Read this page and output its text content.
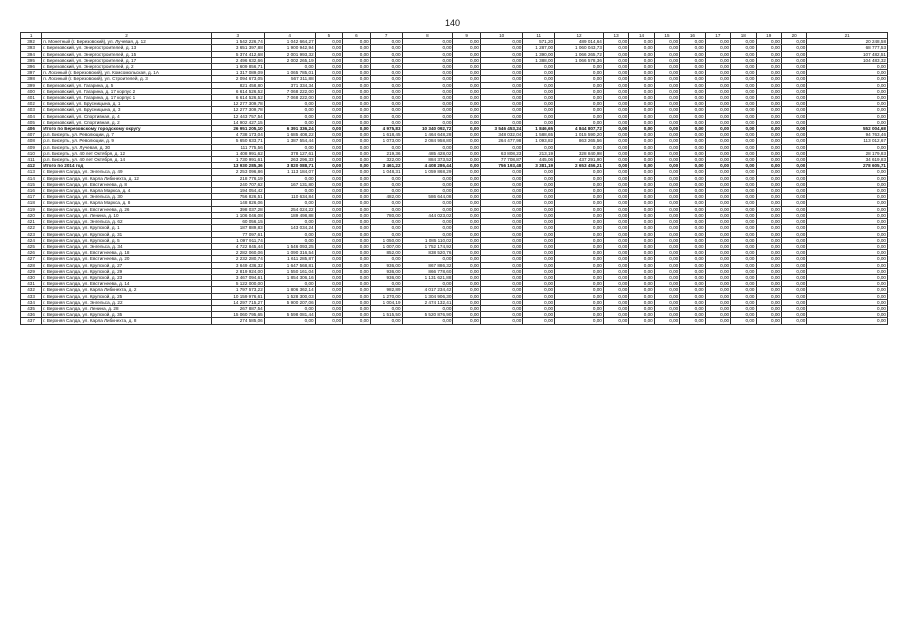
140
1	2	3	4	5	6	7	8	9	10	11	12	13	14	15	16	17	18	19	20	21
392	п. Монетный (г. Березовский), ул. Лучевая, д. 12	1 542 226,74	1 042 664,27	0,00	0,00	0,00	0,00	0,00	0,00	571,20	489 014,64	0,00	0,00	0,00	0,00	0,00	0,00	0,00	0,00	20 248,58
393	г. Березовский, ул. Энергостроителей, д. 13	3 651 397,88	1 900 942,94	0,00	0,00	0,00	0,00	0,00	0,00	1 287,00	1 060 043,73	0,00	0,00	0,00	0,00	0,00	0,00	0,00	0,00	68 777,53
394	г. Березовский, ул. Энергостроителей, д. 15	5 374 412,68	2 001 993,32	0,00	0,00	0,00	0,00	0,00	0,00	1 390,00	1 066 265,72	0,00	0,00	0,00	0,00	0,00	0,00	0,00	0,00	107 482,51
395	г. Березовский, ул. Энергостроителей, д. 17	2 496 632,66	2 002 265,19	0,00	0,00	0,00	0,00	0,00	0,00	1 388,00	1 066 578,36	0,00	0,00	0,00	0,00	0,00	0,00	0,00	0,00	104 483,32
396	г. Березовский, ул. Энергостроителей, д. 2	1 609 856,71	0,00	0,00	0,00	0,00	0,00	0,00	0,00	0,00	0,00	0,00	0,00	0,00	0,00	0,00	0,00	0,00	0,00	0,00
397	п. Лосиный (г. Березовский), ул. Комсомольская, д. 1А	1 317 089,09	1 065 785,01	0,00	0,00	0,00	0,00	0,00	0,00	0,00	0,00	0,00	0,00	0,00	0,00	0,00	0,00	0,00	0,00	0,00
398	п. Лосиный (г. Березовский), ул. Строителей, д. 3	2 094 673,05	567 311,88	0,00	0,00	0,00	0,00	0,00	0,00	0,00	0,00	0,00	0,00	0,00	0,00	0,00	0,00	0,00	0,00	0,00
399	г. Березовский, ул. Гагарина, д. 5	821 458,80	371 334,34	0,00	0,00	0,00	0,00	0,00	0,00	0,00	0,00	0,00	0,00	0,00	0,00	0,00	0,00	0,00	0,00	0,00
400	г. Березовский, ул. Гагарина, д. 17 корпус 2	6 614 526,52	7 068 222,00	0,00	0,00	0,00	0,00	0,00	0,00	0,00	0,00	0,00	0,00	0,00	0,00	0,00	0,00	0,00	0,00	0,00
401	г. Березовский, ул. Гагарина, д. 17 корпус 1	6 614 526,52	7 068 222,00	0,00	0,00	0,00	0,00	0,00	0,00	0,00	0,00	0,00	0,00	0,00	0,00	0,00	0,00	0,00	0,00	0,00
402	г. Березовский, ул. Брусницына, д. 1	12 277 309,78	0,00	0,00	0,00	0,00	0,00	0,00	0,00	0,00	0,00	0,00	0,00	0,00	0,00	0,00	0,00	0,00	0,00	0,00
403	г. Березовский, ул. Брусницына, д. 3	12 277 309,78	0,00	0,00	0,00	0,00	0,00	0,00	0,00	0,00	0,00	0,00	0,00	0,00	0,00	0,00	0,00	0,00	0,00	0,00
404	г. Березовский, ул. Спортивная, д. 4	12 443 757,54	0,00	0,00	0,00	0,00	0,00	0,00	0,00	0,00	0,00	0,00	0,00	0,00	0,00	0,00	0,00	0,00	0,00	0,00
405	г. Березовский, ул. Спортивная, д. 2	14 902 427,15	0,00	0,00	0,00	0,00	0,00	0,00	0,00	0,00	0,00	0,00	0,00	0,00	0,00	0,00	0,00	0,00	0,00	0,00
406	Итого по Березовскому городскому округу	26 951 205,10	6 391 336,24	0,00	0,00	4 975,83	10 340 092,72	0,00	3 546 453,24	1 846,65	4 844 807,72	0,00	0,00	0,00	0,00	0,00	0,00	0,00	0,00	552 004,68
407	р.п. Бисерть, ул. Революции, д. 7	4 738 173,04	1 685 408,22	0,00	0,00	1 618,45	1 464 648,28	0,00	348 032,04	1 588,65	1 015 590,20	0,00	0,00	0,00	0,00	0,00	0,00	0,00	0,00	94 763,46
408	р.п. Бисерть, ул. Революции, д. 9	5 650 633,71	1 387 554,44	0,00	0,00	1 073,00	2 084 958,80	0,00	264 477,98	1 093,82	863 265,56	0,00	0,00	0,00	0,00	0,00	0,00	0,00	0,00	113 012,67
409	р.п. Бисерть, ул. Лучевая, д. 30	111 775,56	0,00	0,00	0,00	0,00	0,00	0,00	0,00	0,00	0,00	0,00	0,00	0,00	0,00	0,00	0,00	0,00	0,00	0,00
410	р.п. Бисерть, ул. 40 лет Октября, д. 12	1 408 991,62	378 127,61	0,00	0,00	219,36	485 428,02	0,00	63 808,23	213,19	328 840,98	0,00	0,00	0,00	0,00	0,00	0,00	0,00	0,00	28 179,83
411	р.п. Бисерть, ул. 40 лет Октября, д. 14	1 730 991,61	263 296,33	0,00	0,00	322,00	884 373,52	0,00	77 708,87	445,06	437 291,90	0,00	0,00	0,00	0,00	0,00	0,00	0,00	0,00	34 619,83
412	Итого по 2014 год	13 930 285,36	3 820 088,71	0,00	0,00	3 461,22	4 408 286,44	0,00	756 193,48	3 381,19	2 653 456,21	0,00	0,00	0,00	0,00	0,00	0,00	0,00	0,00	278 605,71
413	г. Верхняя Салда, ул. Энгельса, д. 49	2 253 096,86	1 113 184,07	0,00	0,00	1 048,31	1 059 868,29	0,00	0,00	0,00	0,00	0,00	0,00	0,00	0,00	0,00	0,00	0,00	0,00	0,00
414	г. Верхняя Салда, ул. Карла Либкнехта, д. 12	218 776,19	0,00	0,00	0,00	0,00	0,00	0,00	0,00	0,00	0,00	0,00	0,00	0,00	0,00	0,00	0,00	0,00	0,00	0,00
415	г. Верхняя Салда, ул. Евстигнеева, д. 8	240 707,62	167 131,80	0,00	0,00	0,00	0,00	0,00	0,00	0,00	0,00	0,00	0,00	0,00	0,00	0,00	0,00	0,00	0,00	0,00
416	г. Верхняя Салда, ул. Карла Маркса, д. 4	194 054,42	0,00	0,00	0,00	0,00	0,00	0,00	0,00	0,00	0,00	0,00	0,00	0,00	0,00	0,00	0,00	0,00	0,00	0,00
417	г. Верхняя Салда, ул. Энгельса, д. 30	756 826,51	110 634,84	0,00	0,00	482,00	586 644,08	0,00	0,00	0,00	0,00	0,00	0,00	0,00	0,00	0,00	0,00	0,00	0,00	0,00
418	г. Верхняя Салда, ул. Карла Маркса, д. 8	148 826,06	0,00	0,00	0,00	0,00	0,00	0,00	0,00	0,00	0,00	0,00	0,00	0,00	0,00	0,00	0,00	0,00	0,00	0,00
419	г. Верхняя Салда, ул. Евстигнеева, д. 26	398 037,28	254 024,22	0,00	0,00	0,00	0,00	0,00	0,00	0,00	0,00	0,00	0,00	0,00	0,00	0,00	0,00	0,00	0,00	0,00
420	г. Верхняя Салда, ул. Ленина, д. 10	1 106 046,08	189 498,88	0,00	0,00	780,00	444 023,02	0,00	0,00	0,00	0,00	0,00	0,00	0,00	0,00	0,00	0,00	0,00	0,00	0,00
421	г. Верхняя Салда, ул. Энгельса, д. 62	60 056,15	0,00	0,00	0,00	0,00	0,00	0,00	0,00	0,00	0,00	0,00	0,00	0,00	0,00	0,00	0,00	0,00	0,00	0,00
422	г. Верхняя Салда, ул. Крупской, д. 1	187 889,83	143 034,24	0,00	0,00	0,00	0,00	0,00	0,00	0,00	0,00	0,00	0,00	0,00	0,00	0,00	0,00	0,00	0,00	0,00
423	г. Верхняя Салда, ул. Крупской, д. 31	77 097,61	0,00	0,00	0,00	0,00	0,00	0,00	0,00	0,00	0,00	0,00	0,00	0,00	0,00	0,00	0,00	0,00	0,00	0,00
424	г. Верхняя Салда, ул. Крупской, д. 5	1 097 911,74	0,00	0,00	0,00	1 050,00	1 085 110,02	0,00	0,00	0,00	0,00	0,00	0,00	0,00	0,00	0,00	0,00	0,00	0,00	0,00
425	г. Верхняя Салда, ул. Энгельса, д. 34	4 722 845,44	1 546 093,25	0,00	0,00	1 007,00	1 752 174,92	0,00	0,00	0,00	0,00	0,00	0,00	0,00	0,00	0,00	0,00	0,00	0,00	0,00
426	г. Верхняя Салда, ул. Евстигнеева, д. 18	2 282 060,06	1 090 316,54	0,00	0,00	852,00	838 520,76	0,00	0,00	0,00	0,00	0,00	0,00	0,00	0,00	0,00	0,00	0,00	0,00	0,00
427	г. Верхняя Салда, ул. Евстигнеева, д. 20	2 232 280,74	1 611 285,87	0,00	0,00	0,00	0,00	0,00	0,00	0,00	0,00	0,00	0,00	0,00	0,00	0,00	0,00	0,00	0,00	0,00
428	г. Верхняя Салда, ул. Крупской, д. 27	3 649 436,32	1 647 568,81	0,00	0,00	936,00	867 886,32	0,00	0,00	0,00	0,00	0,00	0,00	0,00	0,00	0,00	0,00	0,00	0,00	0,00
429	г. Верхняя Салда, ул. Крупской, д. 29	2 819 924,00	1 550 161,04	0,00	0,00	936,00	866 778,60	0,00	0,00	0,00	0,00	0,00	0,00	0,00	0,00	0,00	0,00	0,00	0,00	0,00
430	г. Верхняя Салда, ул. Крупской, д. 23	3 467 094,61	1 854 306,16	0,00	0,00	936,00	1 131 621,88	0,00	0,00	0,00	0,00	0,00	0,00	0,00	0,00	0,00	0,00	0,00	0,00	0,00
431	г. Верхняя Салда, ул. Евстигнеева, д. 14	5 122 000,00	0,00	0,00	0,00	0,00	0,00	0,00	0,00	0,00	0,00	0,00	0,00	0,00	0,00	0,00	0,00	0,00	0,00	0,00
432	г. Верхняя Салда, ул. Карла Либкнехта, д. 2	1 797 573,22	1 806 362,14	0,00	0,00	982,89	4 017 234,42	0,00	0,00	0,00	0,00	0,00	0,00	0,00	0,00	0,00	0,00	0,00	0,00	0,00
433	г. Верхняя Салда, ул. Крупской, д. 25	10 159 976,61	1 528 300,03	0,00	0,00	1 270,00	1 304 906,30	0,00	0,00	0,00	0,00	0,00	0,00	0,00	0,00	0,00	0,00	0,00	0,00	0,00
434	г. Верхняя Салда, ул. Энгельса, д. 22	14 297 715,27	5 900 207,06	0,00	0,00	1 004,19	2 474 132,41	0,00	0,00	0,00	0,00	0,00	0,00	0,00	0,00	0,00	0,00	0,00	0,00	0,00
435	г. Верхняя Салда, ул. Ленина, д. 28	267 887,54	0,00	0,00	0,00	0,00	0,00	0,00	0,00	0,00	0,00	0,00	0,00	0,00	0,00	0,00	0,00	0,00	0,00	0,00
436	г. Верхняя Салда, ул. Крупской, д. 35	15 060 795,65	5 598 081,44	0,00	0,00	1 515,50	5 520 876,90	0,00	0,00	0,00	0,00	0,00	0,00	0,00	0,00	0,00	0,00	0,00	0,00	0,00
437	г. Верхняя Салда, ул. Карла Либкнехта, д. 8	274 585,06	0,00	0,00	0,00	0,00	0,00	0,00	0,00	0,00	0,00	0,00	0,00	0,00	0,00	0,00	0,00	0,00	0,00	0,00
